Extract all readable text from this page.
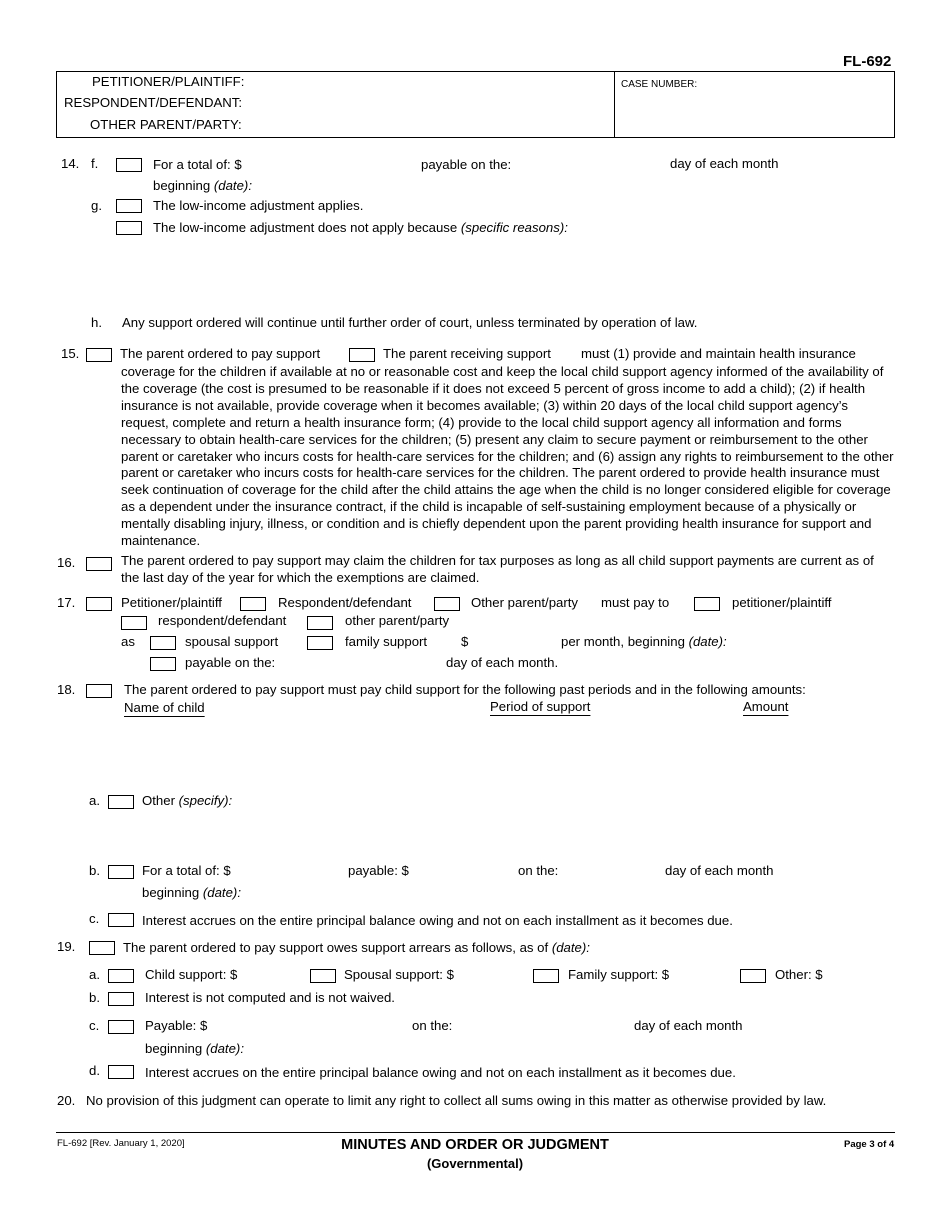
FL-692
PETITIONER/PLAINTIFF:
RESPONDENT/DEFENDANT:
OTHER PARENT/PARTY:
CASE NUMBER:
14. f.	For a total of: $	payable on the:	day of each month
beginning (date):
g.	The low-income adjustment applies.
The low-income adjustment does not apply because (specific reasons):
h. Any support ordered will continue until further order of court, unless terminated by operation of law.
15.	The parent ordered to pay support	The parent receiving support must (1) provide and maintain health insurance
coverage for the children if available at no or reasonable cost and keep the local child support agency informed of the availability of the coverage (the cost is presumed to be reasonable if it does not exceed 5 percent of gross income to add a child); (2) if health insurance is not available, provide coverage when it becomes available; (3) within 20 days of the local child support agency’s request, complete and return a health insurance form; (4) provide to the local child support agency all information and forms necessary to obtain health-care services for the children; (5) present any claim to secure payment or reimbursement to the other parent or caretaker who incurs costs for health-care services for the children; and (6) assign any rights to reimbursement to the other parent or caretaker who incurs costs for health-care services for the children. The parent ordered to provide health insurance must seek continuation of coverage for the child after the child attains the age when the child is no longer considered eligible for coverage as a dependent under the insurance contract, if the child is incapable of self-sustaining employment because of a physically or mentally disabling injury, illness, or condition and is chiefly dependent upon the parent providing health insurance for support and maintenance.
16.	The parent ordered to pay support may claim the children for tax purposes as long as all child support payments are current as of the last day of the year for which the exemptions are claimed.
17.	Petitioner/plaintiff	Respondent/defendant	Other parent/party must pay to	petitioner/plaintiff
respondent/defendant	other parent/party
as	spousal support	family support	$	per month, beginning (date):
payable on the:	day of each month.
18.	The parent ordered to pay support must pay child support for the following past periods and in the following amounts:
Name of child	Period of support	Amount
a.	Other (specify):
b.	For a total of: $	payable: $	on the:	day of each month
beginning (date):
c.	Interest accrues on the entire principal balance owing and not on each installment as it becomes due.
19.	The parent ordered to pay support owes support arrears as follows, as of (date):
a.	Child support: $	Spousal support: $	Family support: $	Other: $
b.	Interest is not computed and is not waived.
c.	Payable: $	on the:	day of each month
beginning (date):
d.	Interest accrues on the entire principal balance owing and not on each installment as it becomes due.
20. No provision of this judgment can operate to limit any right to collect all sums owing in this matter as otherwise provided by law.
FL-692 [Rev. January 1, 2020]	MINUTES AND ORDER OR JUDGMENT
(Governmental)
Page 3 of 4
